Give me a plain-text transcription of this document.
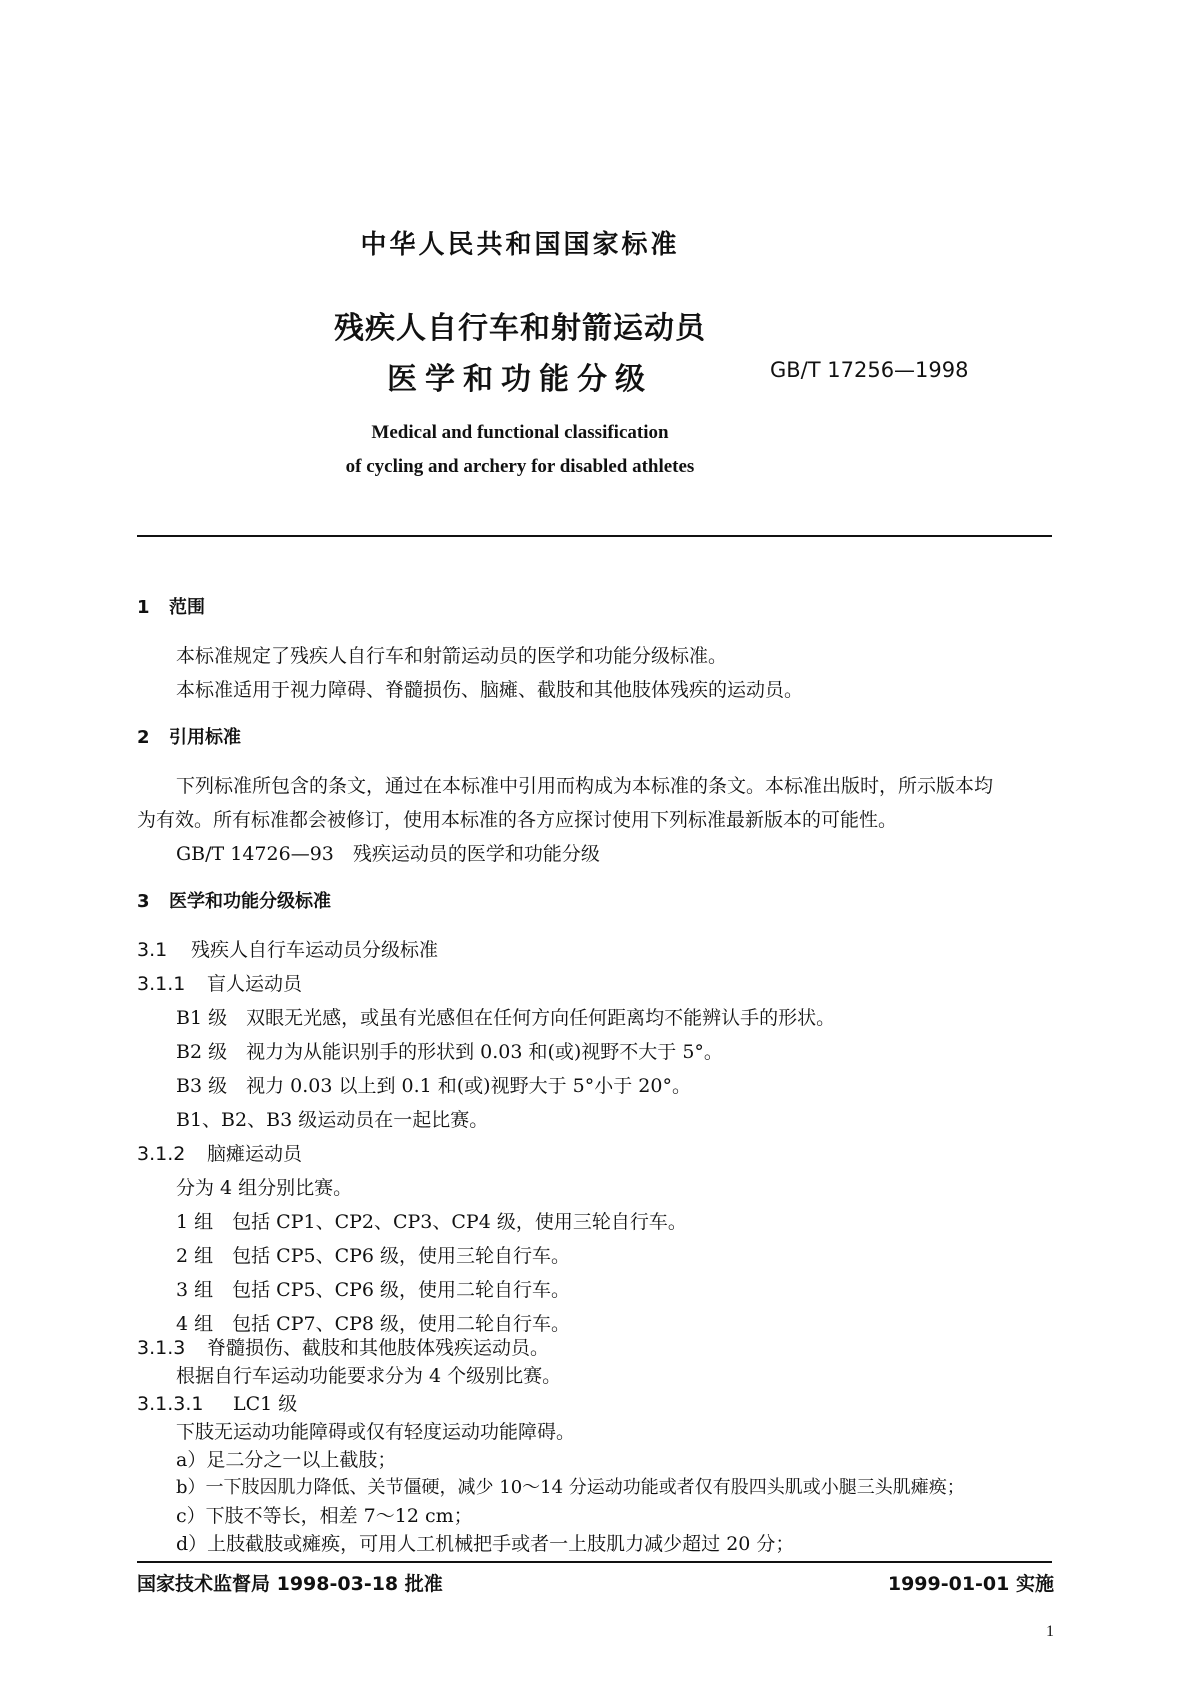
中华人民共和国国家标准
残疾人自行车和射箭运动员
医学和功能分级	GB/T 17256—1998
Medical and functional classification
of cycling and archery for disabled athletes
1 范围
本标准规定了残疾人自行车和射箭运动员的医学和功能分级标准。
本标准适用于视力障碍、脊髓损伤、脑瘫、截肢和其他肢体残疾的运动员。
2 引用标准
下列标准所包含的条文，通过在本标准中引用而构成为本标准的条文。本标准出版时，所示版本均
为有效。所有标准都会被修订，使用本标准的各方应探讨使用下列标准最新版本的可能性。
GB/T 14726—93　残疾运动员的医学和功能分级
3 医学和功能分级标准
3.1 残疾人自行车运动员分级标准
3.1.1 盲人运动员
B1 级　双眼无光感，或虽有光感但在任何方向任何距离均不能辨认手的形状。
B2 级　视力为从能识别手的形状到 0.03 和(或)视野不大于 5°。
B3 级　视力 0.03 以上到 0.1 和(或)视野大于 5°小于 20°。
B1、B2、B3 级运动员在一起比赛。
3.1.2 脑瘫运动员
分为 4 组分别比赛。
1 组　包括 CP1、CP2、CP3、CP4 级，使用三轮自行车。
2 组　包括 CP5、CP6 级，使用三轮自行车。
3 组　包括 CP5、CP6 级，使用二轮自行车。
4 组　包括 CP7、CP8 级，使用二轮自行车。
3.1.3 脊髓损伤、截肢和其他肢体残疾运动员。
根据自行车运动功能要求分为 4 个级别比赛。
3.1.3.1 LC1 级
下肢无运动功能障碍或仅有轻度运动功能障碍。
a）足二分之一以上截肢；
b）一下肢因肌力降低、关节僵硬，减少 10～14 分运动功能或者仅有股四头肌或小腿三头肌瘫痪；
国家技术监督局 1998-03-18 批准	1999-01-01 实施
1
c）下肢不等长，相差 7～12 cm；
d）上肢截肢或瘫痪，可用人工机械把手或者一上肢肌力减少超过 20 分；
